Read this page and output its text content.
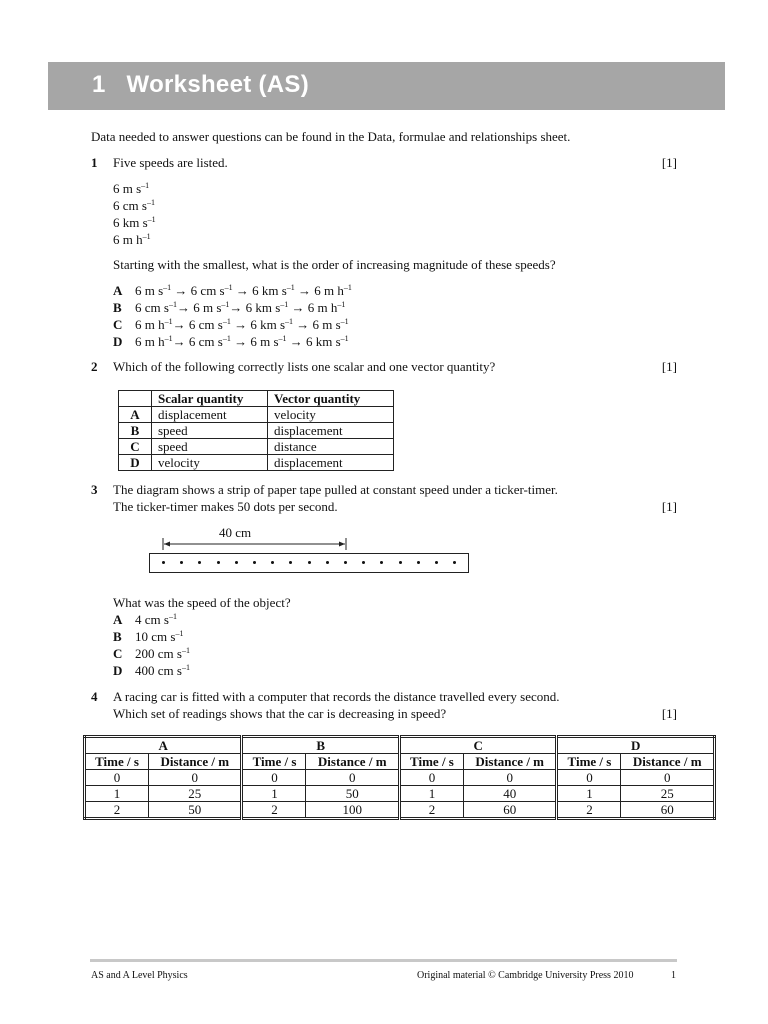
1   Worksheet (AS)
Data needed to answer questions can be found in the Data, formulae and relationships sheet.
1 Five speeds are listed.	[1]
6 m $s^{-1}$
6 cm $s^{-1}$
6 km $s^{-1}$
6 m $h^{-1}$
Starting with the smallest, what is the order of increasing magnitude of these speeds?
A 6 m $s^{-1} \to 6$ cm $s^{-1} \to 6$ km $s^{-1} \to 6$ m $h^{-1}$
B 6 cm $s^{-1}\to 6$ m $s^{-1}\to 6$ km $s^{-1} \to 6$ m $h^{-1}$
C 6 m $h^{-1}\to 6$ cm $s^{-1} \to 6$ km $s^{-1} \to 6$ m $s^{-1}$
D 6 m $h^{-1}\to 6$ cm $s^{-1} \to 6$ m $s^{-1} \to 6$ km $s^{-1}$
2 Which of the following correctly lists one scalar and one vector quantity?	[1]
	Scalar quantity	Vector quantity
A	displacement	velocity
B	speed	displacement
C	speed	distance
D	velocity	displacement
3 The diagram shows a strip of paper tape pulled at constant speed under a ticker-timer.
The ticker-timer makes 50 dots per second.	[1]
40 cm
What was the speed of the object?
A 4 cm $s^{-1}$
B 10 cm $s^{-1}$
C 200 cm $s^{-1}$
D 400 cm $s^{-1}$
4 A racing car is fitted with a computer that records the distance travelled every second.
Which set of readings shows that the car is decreasing in speed?	[1]
A		B		C		D	
Time / s	Distance / m	Time / s	Distance / m	Time / s	Distance / m	Time / s	Distance / m
0	0	0	0	0	0	0	0
1	25	1	50	1	40	1	25
2	50	2	100	2	60	2	60
AS and A Level Physics	Original material © Cambridge University Press 2010	1
